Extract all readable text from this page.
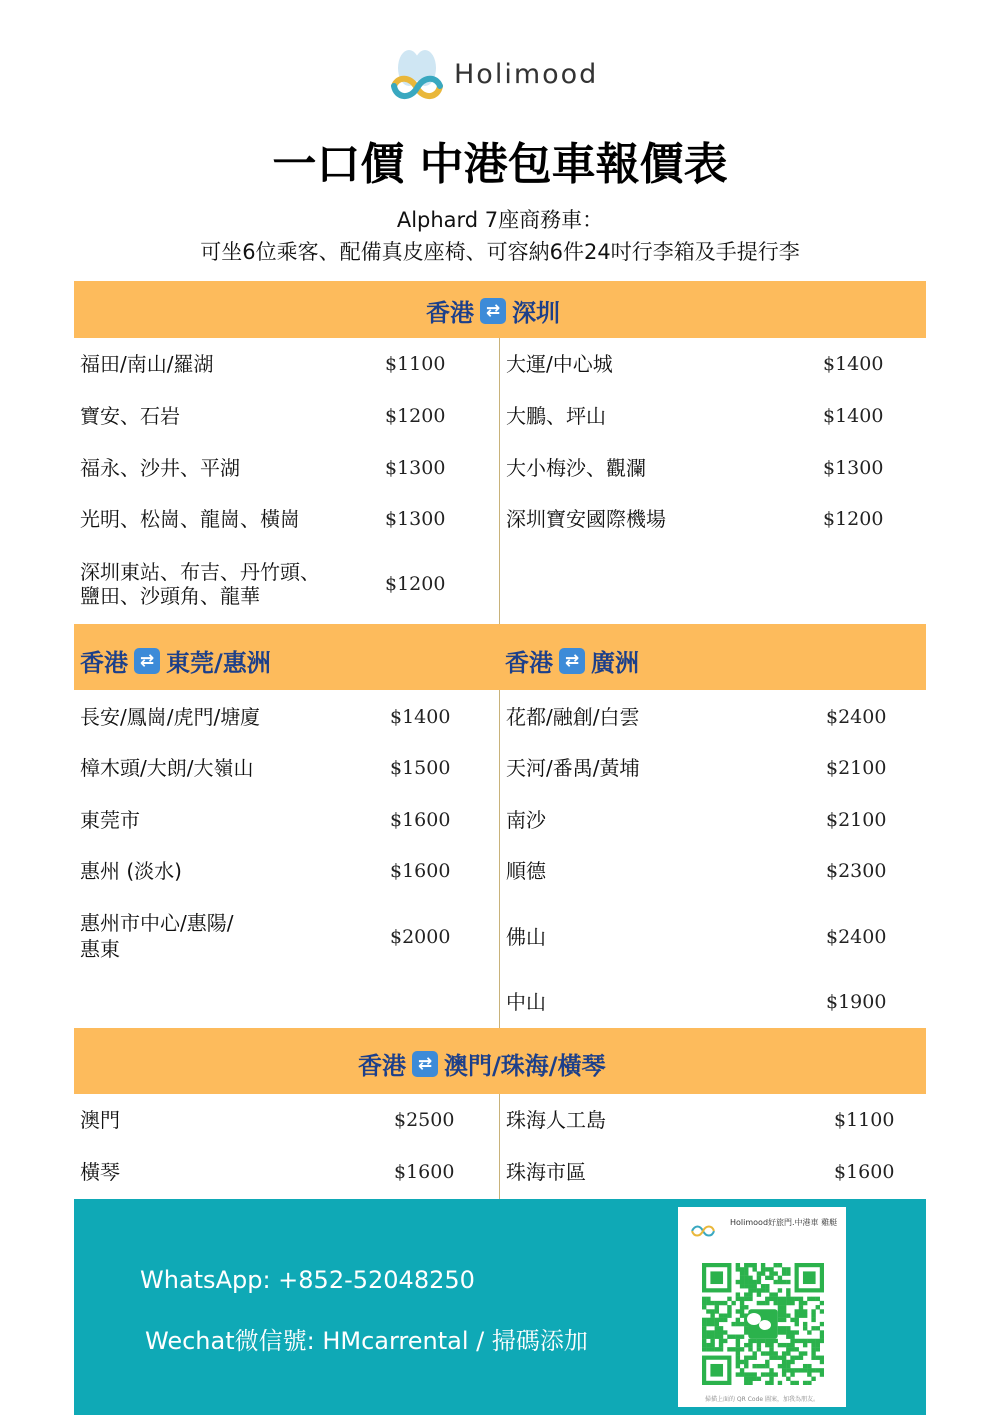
Holimood
一口價 中港包車報價表
Alphard 7座商務車：
可坐6位乘客、配備真皮座椅、可容納6件24吋行李箱及手提行李
香港 ⇄ 深圳
福田/南山/羅湖	$1100
寶安、石岩	$1200
福永、沙井、平湖	$1300
光明、松崗、龍崗、橫崗	$1300
深圳東站、布吉、丹竹頭、
鹽田、沙頭角、龍華	$1200
大運/中心城	$1400
大鵬、坪山	$1400
大小梅沙、觀瀾	$1300
深圳寶安國際機場	$1200
香港 ⇄ 東莞/惠洲	香港 ⇄ 廣洲
長安/鳳崗/虎門/塘廈	$1400
樟木頭/大朗/大嶺山	$1500
東莞市	$1600
惠州 (淡水)	$1600
惠州市中心/惠陽/
惠東	$2000
花都/融創/白雲	$2400
天河/番禺/黃埔	$2100
南沙	$2100
順德	$2300
佛山	$2400
中山	$1900
香港 ⇄ 澳門/珠海/橫琴
澳門	$2500
橫琴	$1600
珠海人工島	$1100
珠海市區	$1600
WhatsApp: +852-52048250
Wechat微信號: HMcarrental / 掃碼添加
Holimood好旅門.中港車 雞艇
掃描上面的 QR Code 圖案，加我為朋友。
